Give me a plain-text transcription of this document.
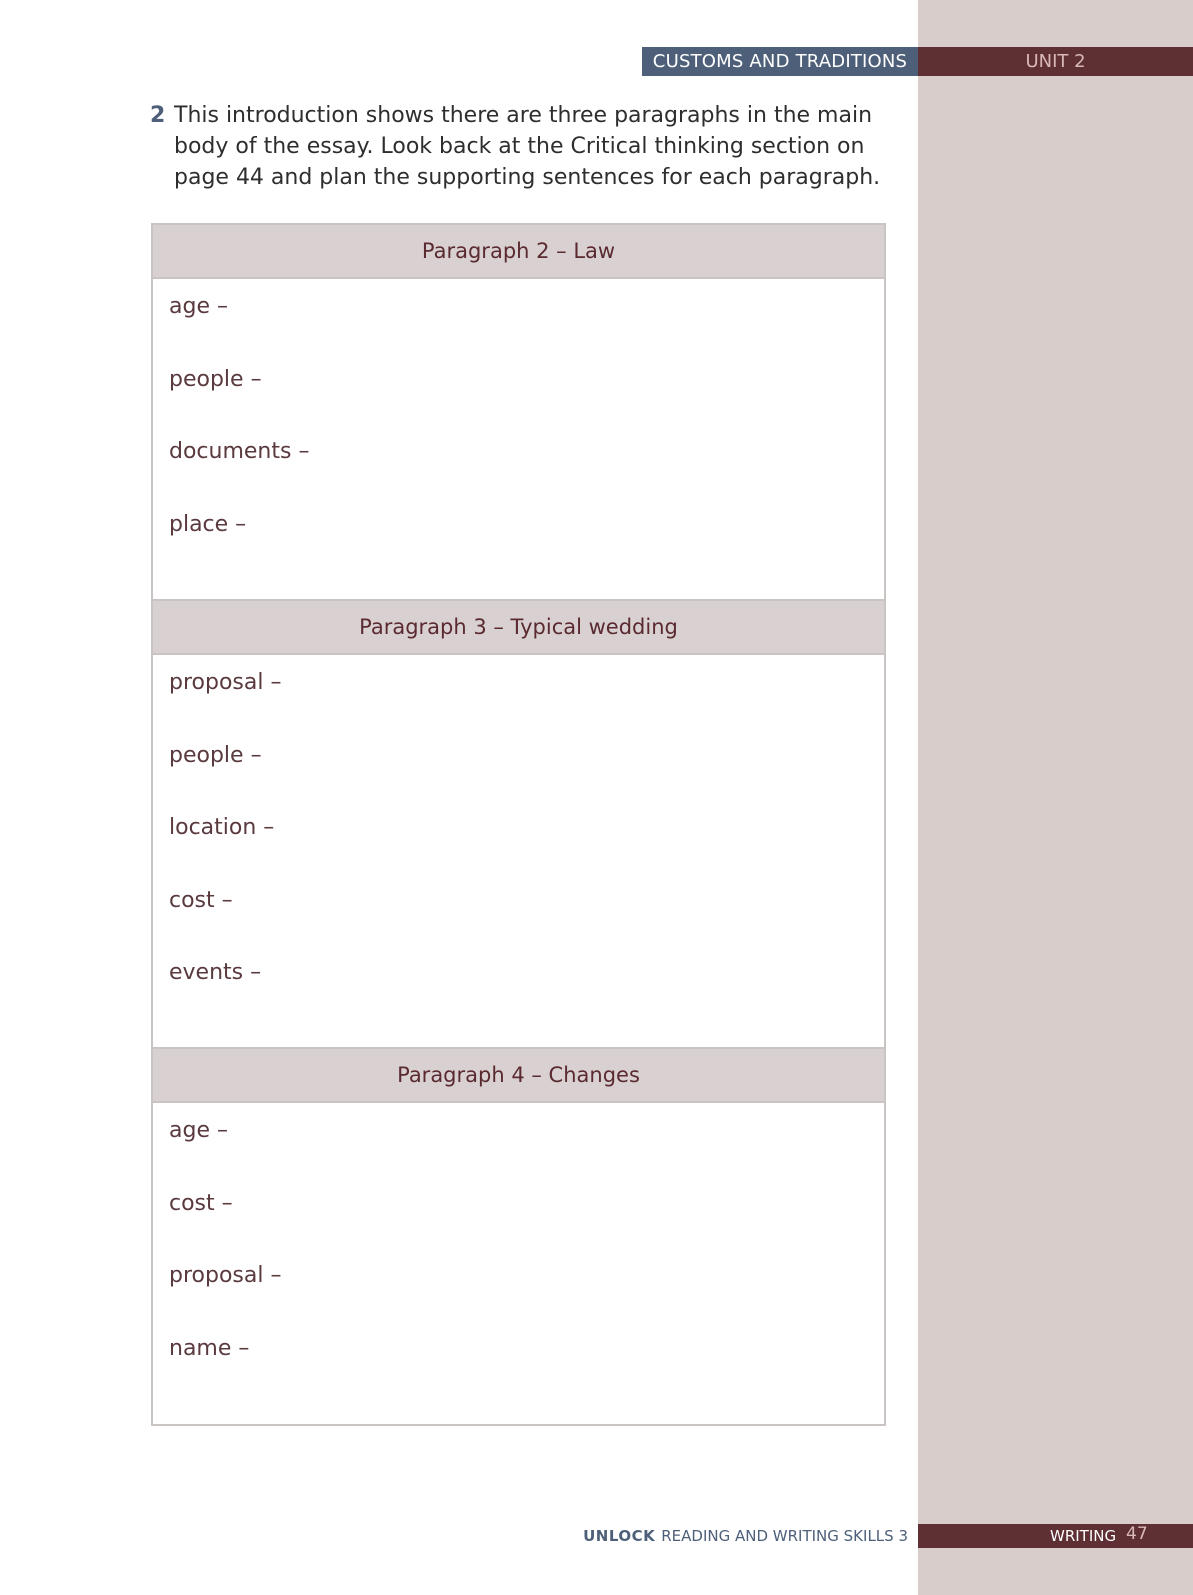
CUSTOMS AND TRADITIONS	UNIT 2
2 This introduction shows there are three paragraphs in the main body of the essay. Look back at the Critical thinking section on page 44 and plan the supporting sentences for each paragraph.
Paragraph 2 – Law
age –
people –
documents –
place –
Paragraph 3 – Typical wedding
proposal –
people –
location –
cost –
events –
Paragraph 4 – Changes
age –
cost –
proposal –
name –
UNLOCK READING AND WRITING SKILLS 3	WRITING 47
